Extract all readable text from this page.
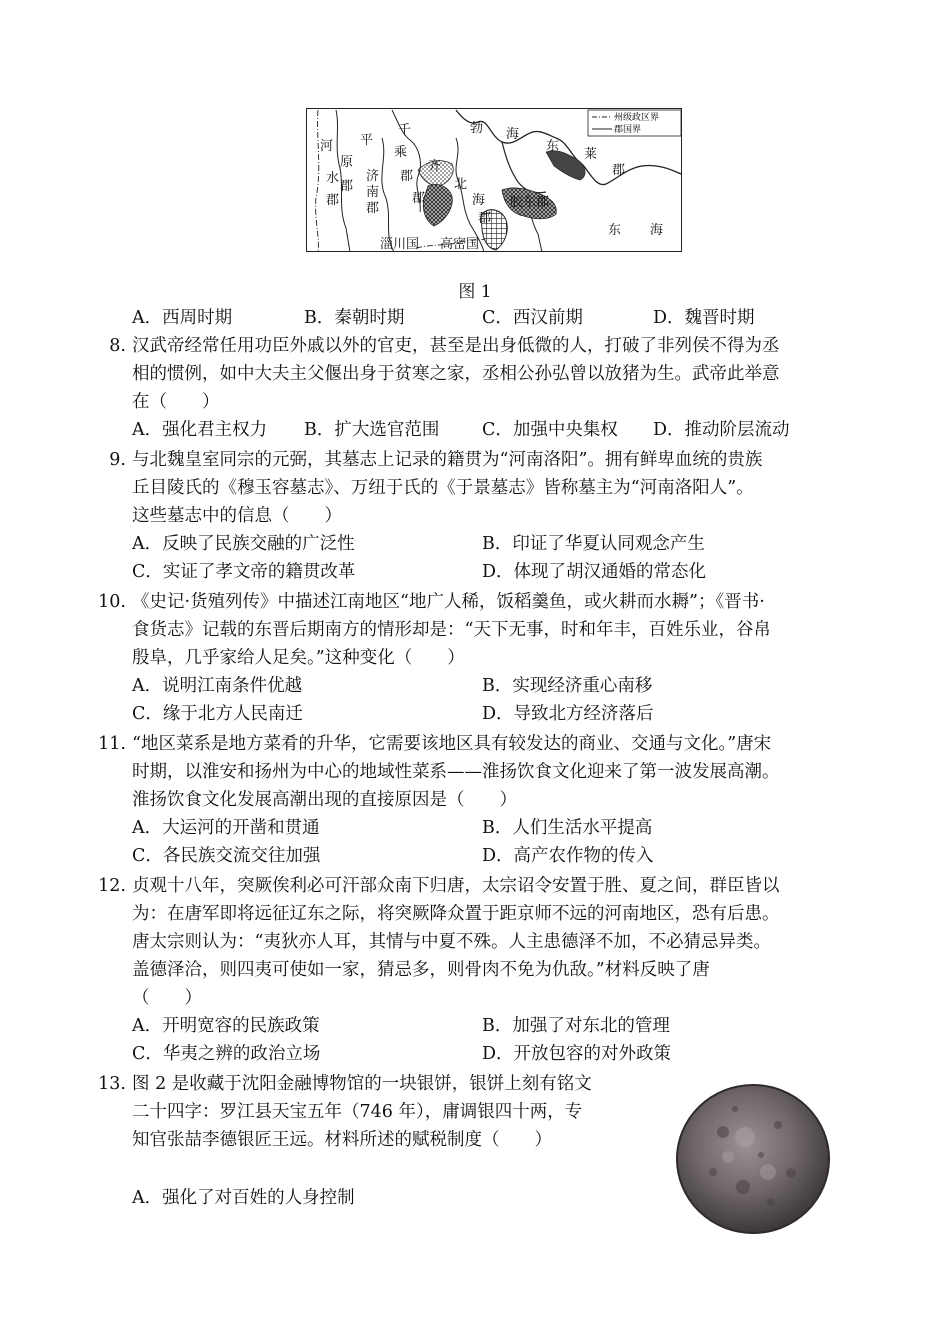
州级政区界
郡国界
河
水
郡
平
原
郡
济
南
郡
千
乘
郡
齐
郡
北
海
郡
勃 海
东
莱
郡
胶东郡
东 海
淄川国 高密国
图 1
A．西周时期	B．秦朝时期	C．西汉前期	D．魏晋时期
8. 汉武帝经常任用功臣外戚以外的官吏，甚至是出身低微的人，打破了非列侯不得为丞
相的惯例，如中大夫主父偃出身于贫寒之家，丞相公孙弘曾以放猪为生。武帝此举意
在（　　）
A．强化君主权力 B．扩大选官范围 C．加强中央集权 D．推动阶层流动
9. 与北魏皇室同宗的元弼，其墓志上记录的籍贯为“河南洛阳”。拥有鲜卑血统的贵族
丘目陵氏的《穆玉容墓志》、万纽于氏的《于景墓志》皆称墓主为“河南洛阳人”。
这些墓志中的信息（　　）
A．反映了民族交融的广泛性	B．印证了华夏认同观念产生
C．实证了孝文帝的籍贯改革	D．体现了胡汉通婚的常态化
10. 《史记·货殖列传》中描述江南地区“地广人稀，饭稻羹鱼，或火耕而水耨”；《晋书·
食货志》记载的东晋后期南方的情形却是：“天下无事，时和年丰，百姓乐业，谷帛
殷阜，几乎家给人足矣。”这种变化（　　）
A．说明江南条件优越	B．实现经济重心南移
C．缘于北方人民南迁	D．导致北方经济落后
11. “地区菜系是地方菜肴的升华，它需要该地区具有较发达的商业、交通与文化。”唐宋
时期，以淮安和扬州为中心的地域性菜系——淮扬饮食文化迎来了第一波发展高潮。
淮扬饮食文化发展高潮出现的直接原因是（　　）
A．大运河的开凿和贯通	B．人们生活水平提高
C．各民族交流交往加强	D．高产农作物的传入
12. 贞观十八年，突厥俟利必可汗部众南下归唐，太宗诏令安置于胜、夏之间，群臣皆以
为：在唐军即将远征辽东之际，将突厥降众置于距京师不远的河南地区，恐有后患。
唐太宗则认为：“夷狄亦人耳，其情与中夏不殊。人主患德泽不加，不必猜忌异类。
盖德泽洽，则四夷可使如一家，猜忌多，则骨肉不免为仇敌。”材料反映了唐
（　　）
A．开明宽容的民族政策	B．加强了对东北的管理
C．华夷之辨的政治立场	D．开放包容的对外政策
13. 图 2 是收藏于沈阳金融博物馆的一块银饼，银饼上刻有铭文
二十四字：罗江县天宝五年（746 年），庸调银四十两，专
知官张喆李德银匠王远。材料所述的赋税制度（　　）
A．强化了对百姓的人身控制
